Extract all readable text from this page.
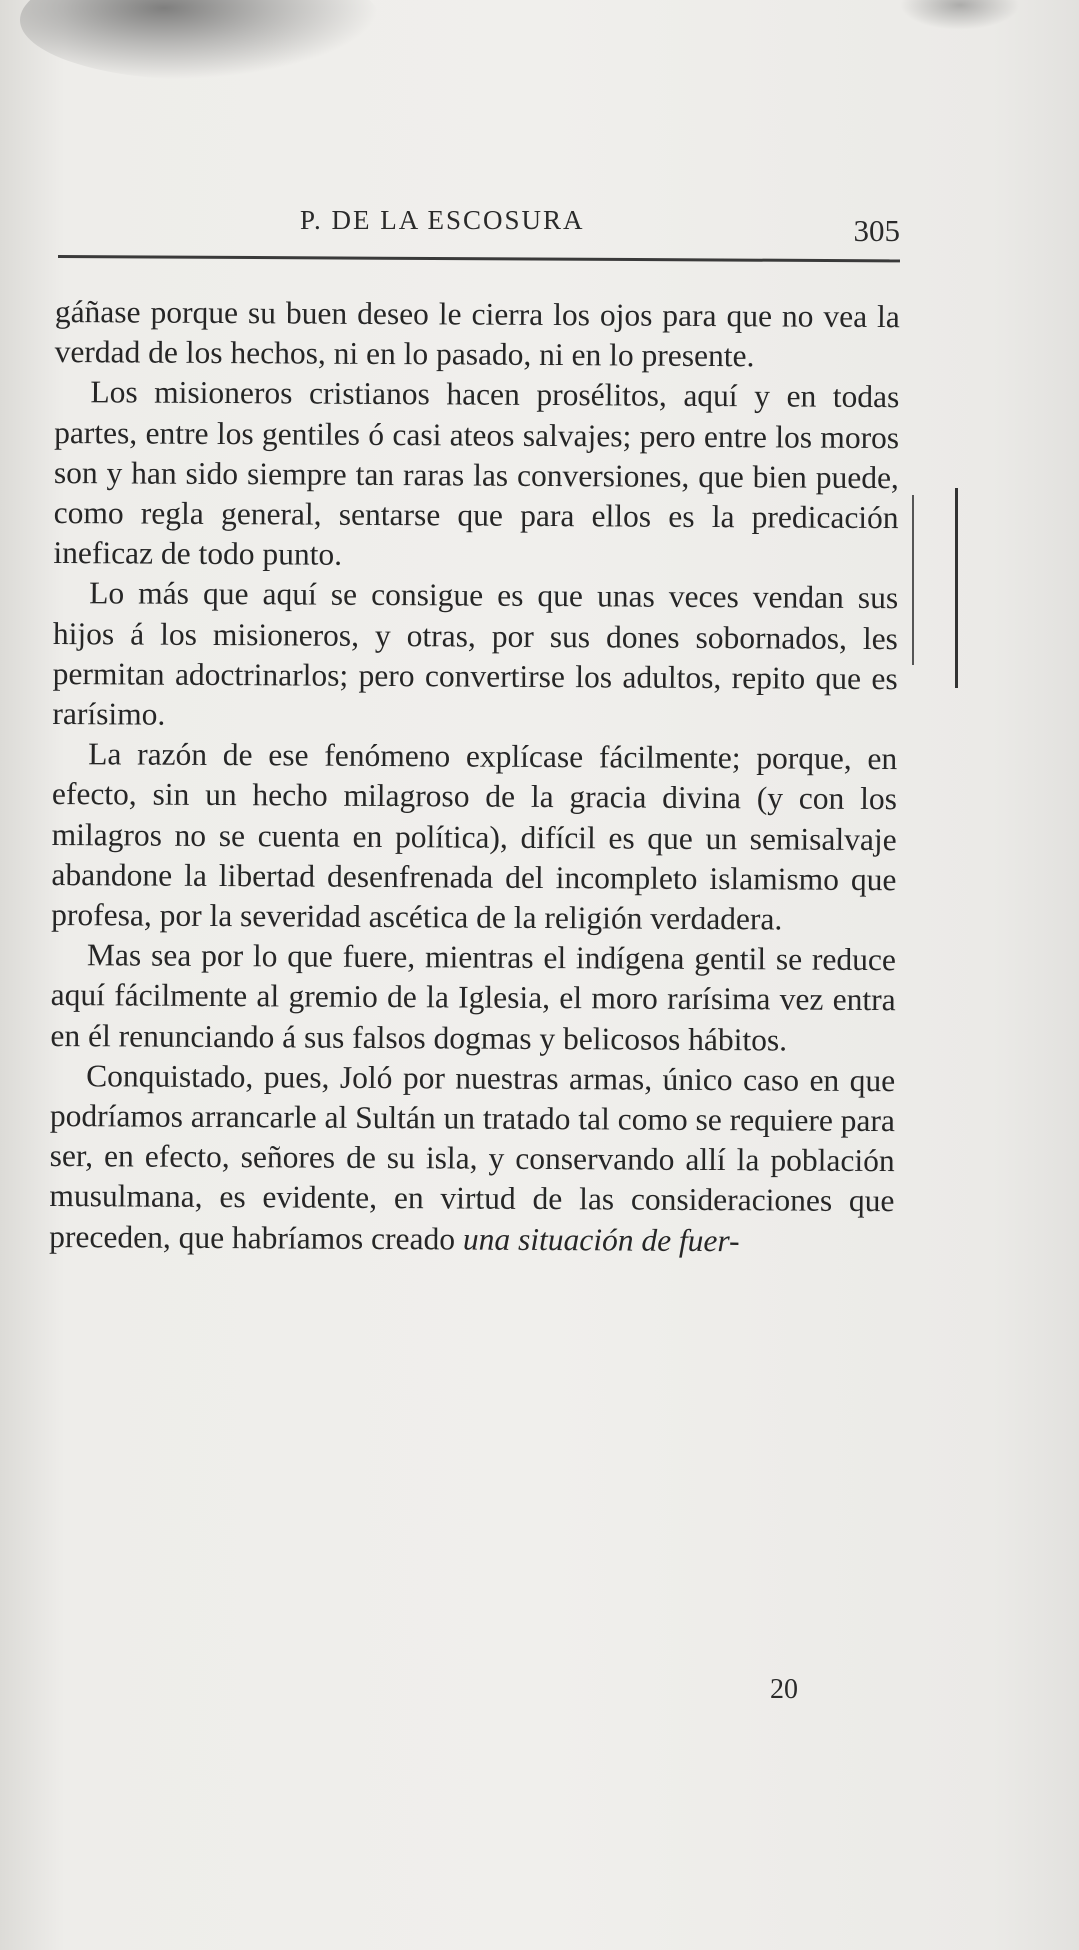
P. DE LA ESCOSURA	305

gáñase porque su buen deseo le cierra los ojos para que no vea la verdad de los hechos, ni en lo pasado, ni en lo presente.

Los misioneros cristianos hacen prosélitos, aquí y en todas partes, entre los gentiles ó casi ateos salvajes; pero entre los moros son y han sido siempre tan raras las conversiones, que bien puede, como regla general, sentarse que para ellos es la predicación ineficaz de todo punto.

Lo más que aquí se consigue es que unas veces vendan sus hijos á los misioneros, y otras, por sus dones sobornados, les permitan adoctrinarlos; pero convertirse los adultos, repito que es rarísimo.

La razón de ese fenómeno explícase fácilmente; porque, en efecto, sin un hecho milagroso de la gracia divina (y con los milagros no se cuenta en política), difícil es que un semisalvaje abandone la libertad desenfrenada del incompleto islamismo que profesa, por la severidad ascética de la religión verdadera.

Mas sea por lo que fuere, mientras el indígena gentil se reduce aquí fácilmente al gremio de la Iglesia, el moro rarísima vez entra en él renunciando á sus falsos dogmas y belicosos hábitos.

Conquistado, pues, Joló por nuestras armas, único caso en que podríamos arrancarle al Sultán un tratado tal como se requiere para ser, en efecto, señores de su isla, y conservando allí la población musulmana, es evidente, en virtud de las consideraciones que preceden, que habríamos creado una situación de fuer-

20
